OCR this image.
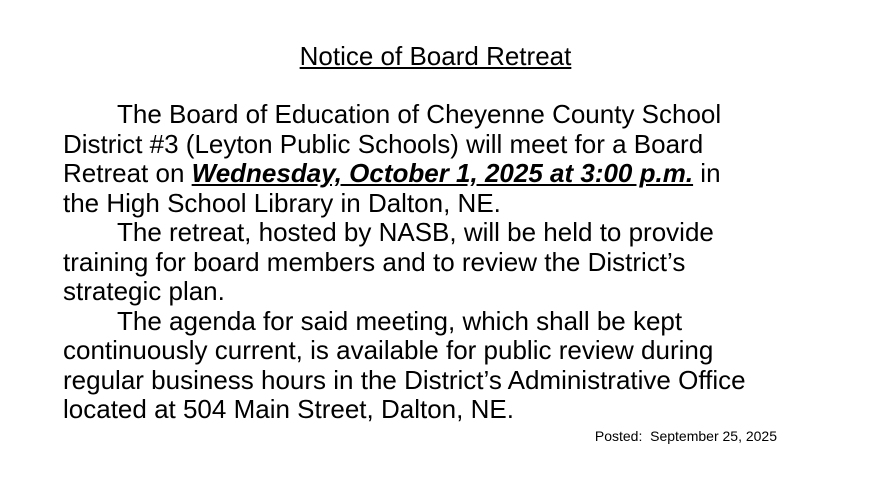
Notice of Board Retreat
The Board of Education of Cheyenne County School
District #3 (Leyton Public Schools) will meet for a Board
Retreat on Wednesday, October 1, 2025 at 3:00 p.m. in
the High School Library in Dalton, NE.
The retreat, hosted by NASB, will be held to provide
training for board members and to review the District’s
strategic plan.
The agenda for said meeting, which shall be kept
continuously current, is available for public review during
regular business hours in the District’s Administrative Office
located at 504 Main Street, Dalton, NE.
Posted:  September 25, 2025
